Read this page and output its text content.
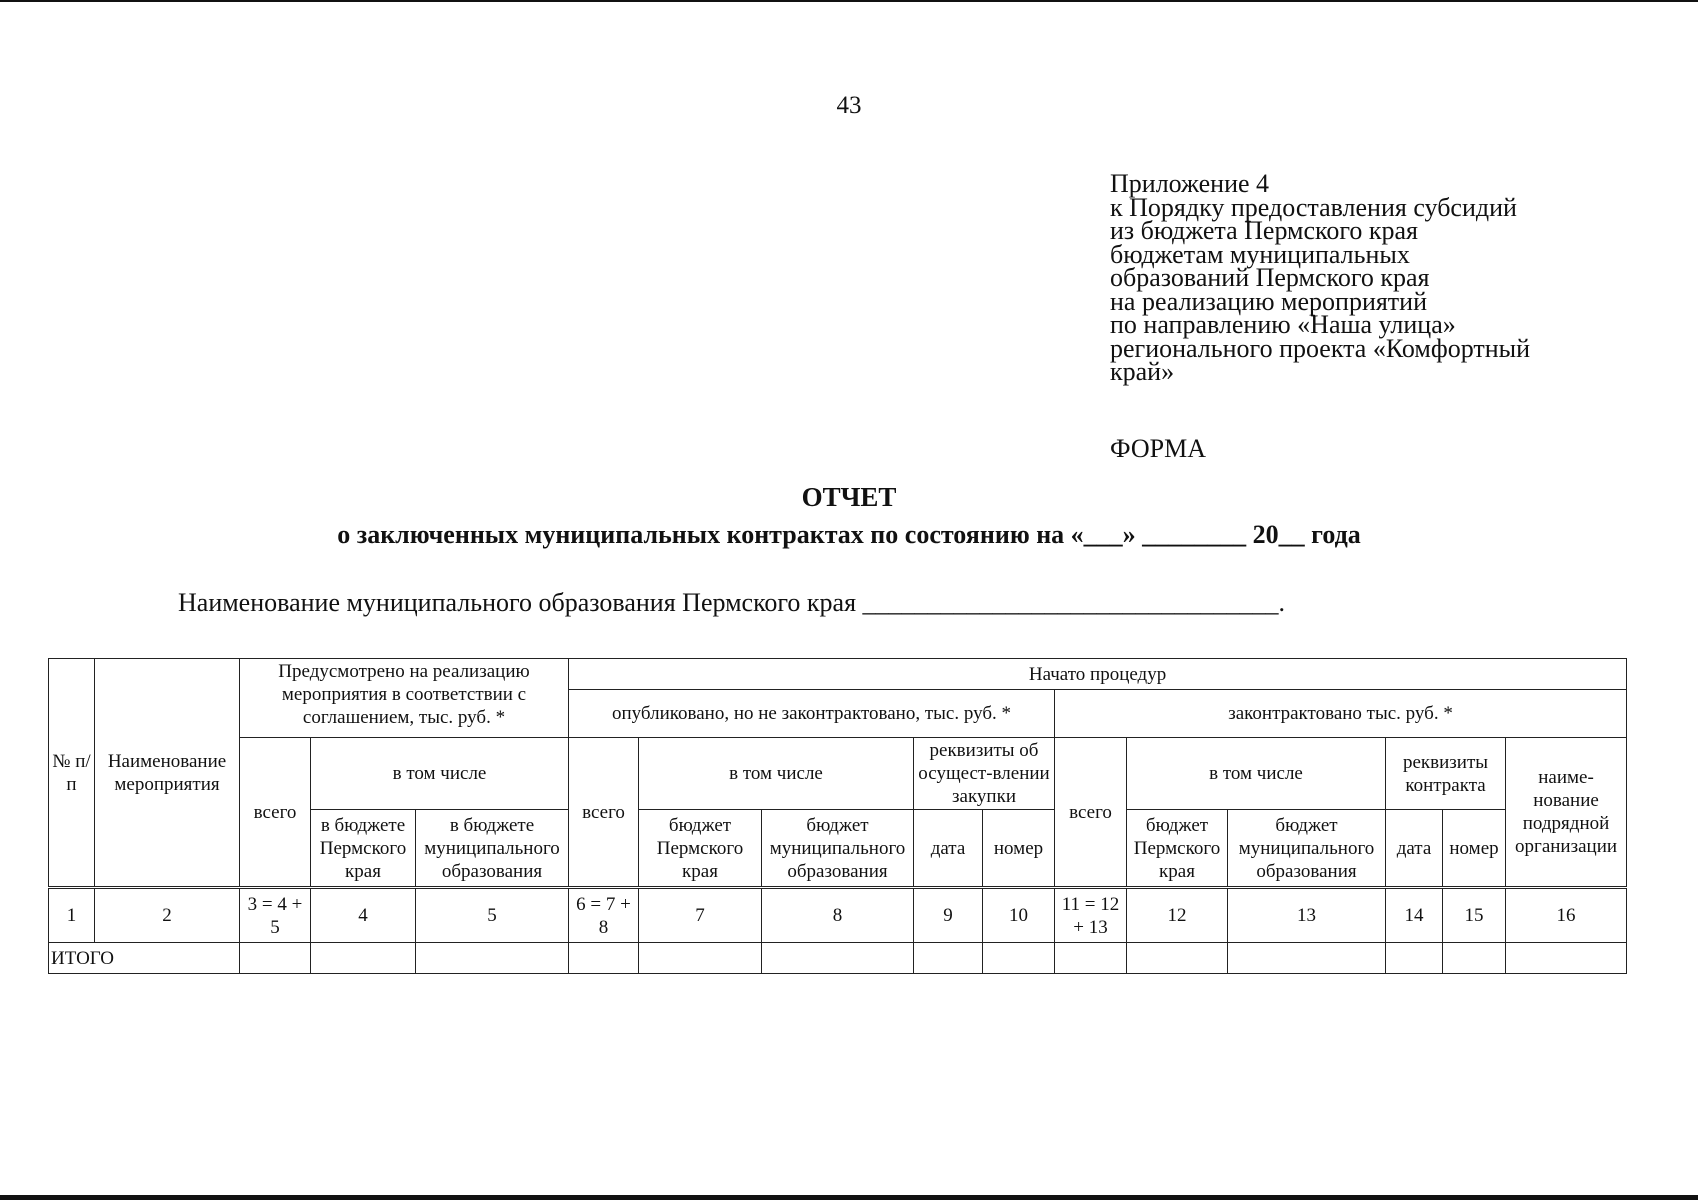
43
Приложение 4
к Порядку предоставления субсидий
из бюджета Пермского края
бюджетам муниципальных
образований Пермского края
на реализацию мероприятий
по направлению «Наша улица»
регионального проекта «Комфортный
край»
ФОРМА
ОТЧЕТ
о заключенных муниципальных контрактах по состоянию на «___» ________ 20__ года
Наименование муниципального образования Пермского края ________________________________.
№ п/п	Наименование мероприятия	Предусмотрено на реализацию мероприятия в соответствии с соглашением, тыс. руб. *			Начато процедур										
					опубликовано, но не законтрактовано, тыс. руб. *					законтрактовано тыс. руб. *					
		всего	в том числе		всего	в том числе		реквизиты об осущест-влении закупки		всего	в том числе		реквизиты контракта		наиме-нование подрядной организации
			в бюджете Пермского края	в бюджете муниципального образования		бюджет Пермского края	бюджет муниципального образования	дата	номер		бюджет Пермского края	бюджет муниципального образования	дата	номер	
1	2	3 = 4 + 5	4	5	6 = 7 + 8	7	8	9	10	11 = 12 + 13	12	13	14	15	16
ИТОГО															
